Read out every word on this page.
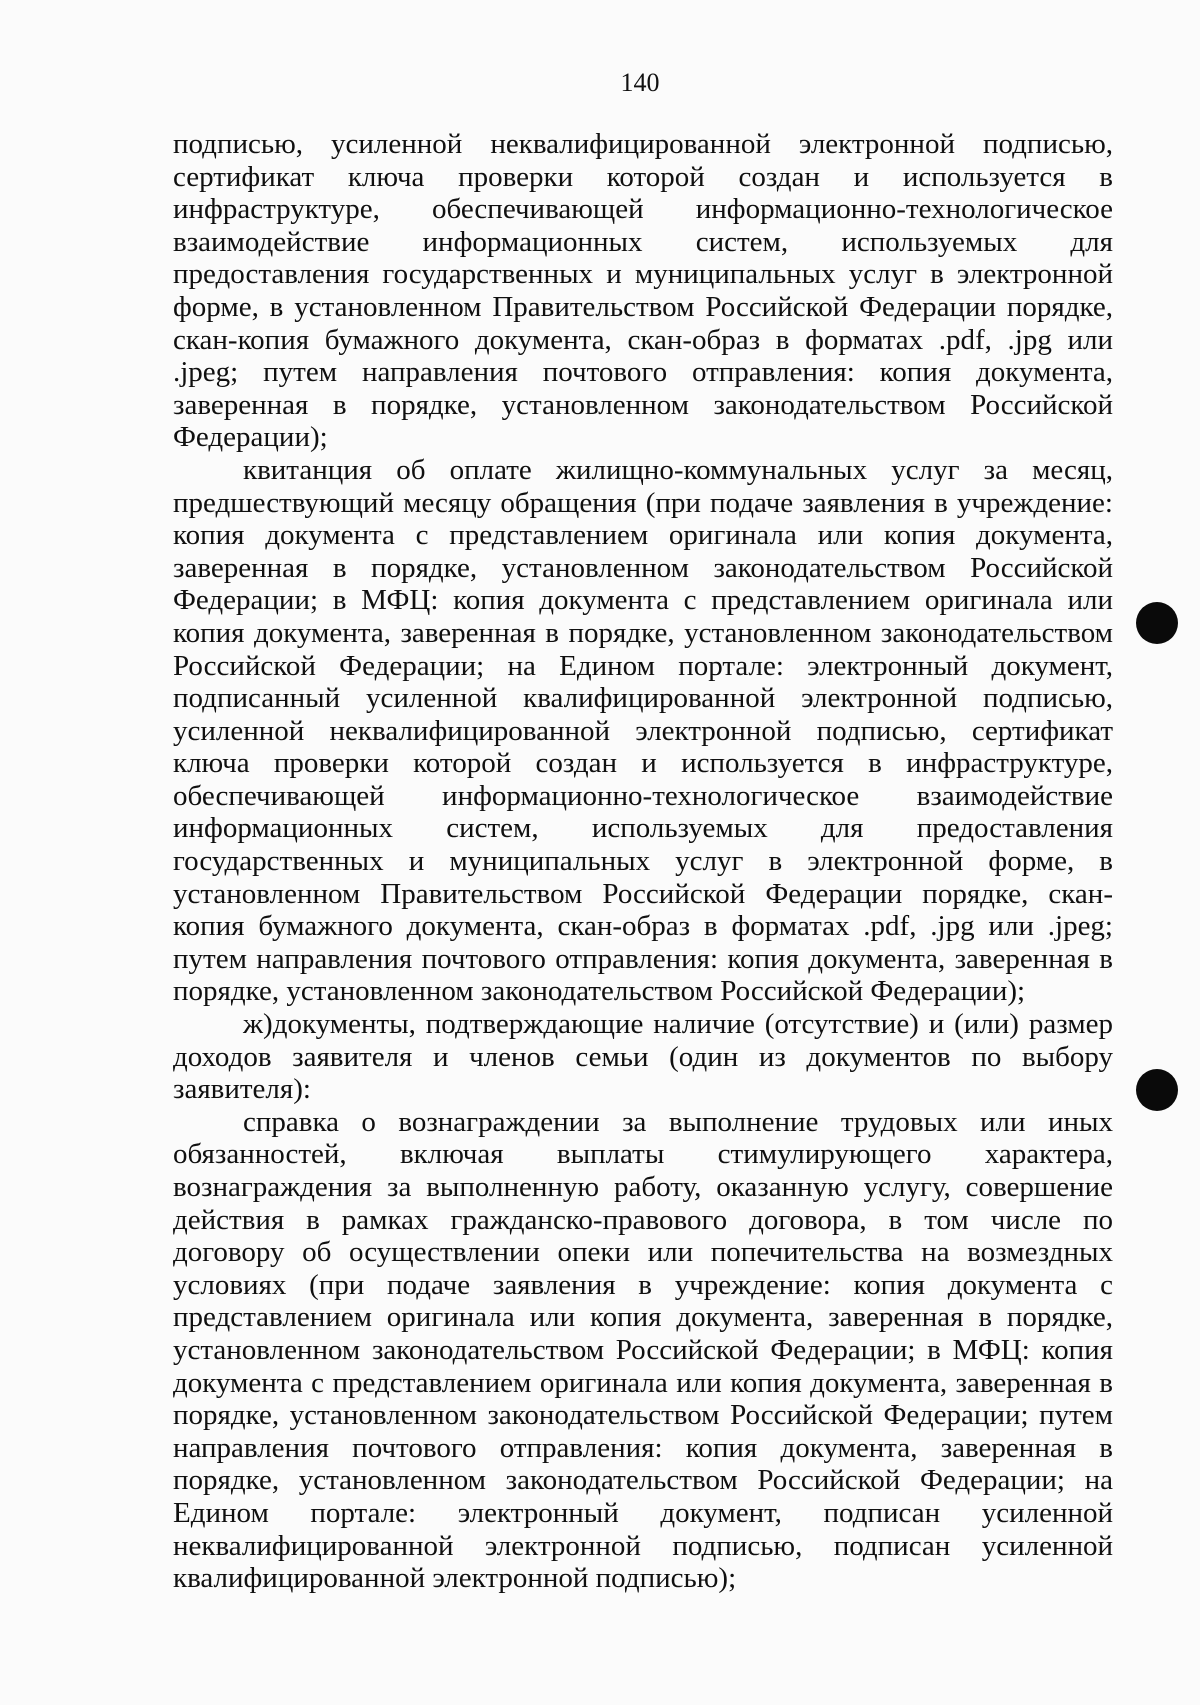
140

подписью, усиленной неквалифицированной электронной подписью, сертификат ключа проверки которой создан и используется в инфраструктуре, обеспечивающей информационно-технологическое взаимодействие информационных систем, используемых для предоставления государственных и муниципальных услуг в электронной форме, в установленном Правительством Российской Федерации порядке, скан-копия бумажного документа, скан-образ в форматах .pdf, .jpg или .jpeg; путем направления почтового отправления: копия документа, заверенная в порядке, установленном законодательством Российской Федерации);

квитанция об оплате жилищно-коммунальных услуг за месяц, предшествующий месяцу обращения (при подаче заявления в учреждение: копия документа с представлением оригинала или копия документа, заверенная в порядке, установленном законодательством Российской Федерации; в МФЦ: копия документа с представлением оригинала или копия документа, заверенная в порядке, установленном законодательством Российской Федерации; на Едином портале: электронный документ, подписанный усиленной квалифицированной электронной подписью, усиленной неквалифицированной электронной подписью, сертификат ключа проверки которой создан и используется в инфраструктуре, обеспечивающей информационно-технологическое взаимодействие информационных систем, используемых для предоставления государственных и муниципальных услуг в электронной форме, в установленном Правительством Российской Федерации порядке, скан-копия бумажного документа, скан-образ в форматах .pdf, .jpg или .jpeg; путем направления почтового отправления: копия документа, заверенная в порядке, установленном законодательством Российской Федерации);

ж)документы, подтверждающие наличие (отсутствие) и (или) размер доходов заявителя и членов семьи (один из документов по выбору заявителя):

справка о вознаграждении за выполнение трудовых или иных обязанностей, включая выплаты стимулирующего характера, вознаграждения за выполненную работу, оказанную услугу, совершение действия в рамках гражданско-правового договора, в том числе по договору об осуществлении опеки или попечительства на возмездных условиях (при подаче заявления в учреждение: копия документа с представлением оригинала или копия документа, заверенная в порядке, установленном законодательством Российской Федерации; в МФЦ: копия документа с представлением оригинала или копия документа, заверенная в порядке, установленном законодательством Российской Федерации; путем направления почтового отправления: копия документа, заверенная в порядке, установленном законодательством Российской Федерации; на Едином портале: электронный документ, подписан усиленной неквалифицированной электронной подписью, подписан усиленной квалифицированной электронной подписью);
